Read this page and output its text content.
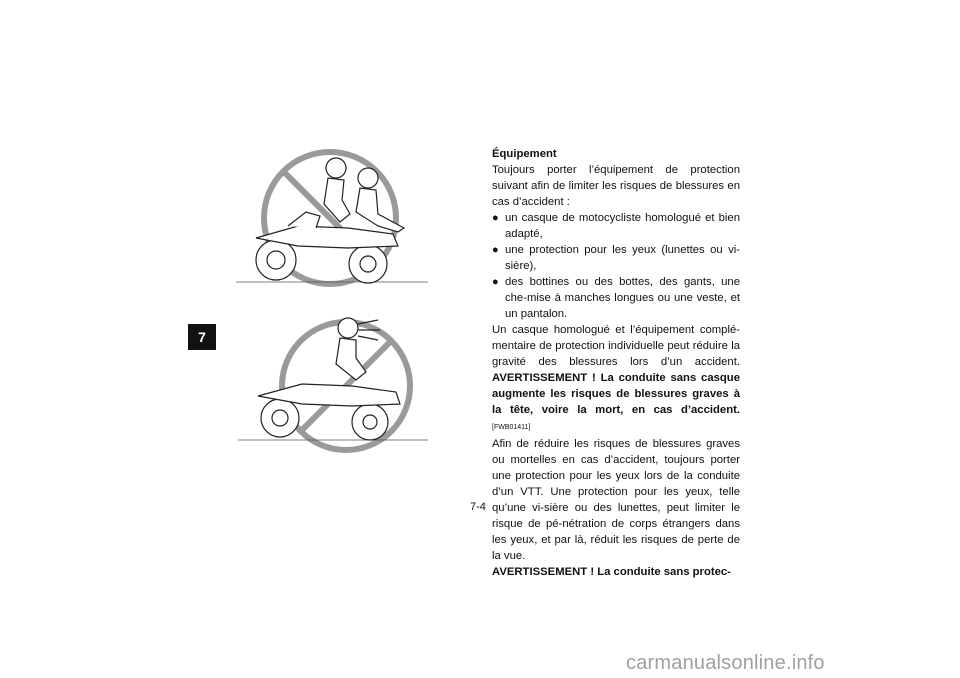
7

Équipement

Toujours porter l’équipement de protection suivant afin de limiter les risques de blessures en cas d’accident :

● un casque de motocycliste homologué et bien adapté,
● une protection pour les yeux (lunettes ou vi-sière),
● des bottines ou des bottes, des gants, une che-mise à manches longues ou une veste, et un pantalon.

Un casque homologué et l’équipement complé-mentaire de protection individuelle peut réduire la gravité des blessures lors d’un accident. AVERTISSEMENT ! La conduite sans casque augmente les risques de blessures graves à la tête, voire la mort, en cas d’accident. [FWB01411]

Afin de réduire les risques de blessures graves ou mortelles en cas d’accident, toujours porter une protection pour les yeux lors de la conduite d’un VTT. Une protection pour les yeux, telle qu’une vi-sière ou des lunettes, peut limiter le risque de pé-nétration de corps étrangers dans les yeux, et par là, réduit les risques de perte de la vue.

AVERTISSEMENT ! La conduite sans protec-

7-4
carmanualsonline.info
